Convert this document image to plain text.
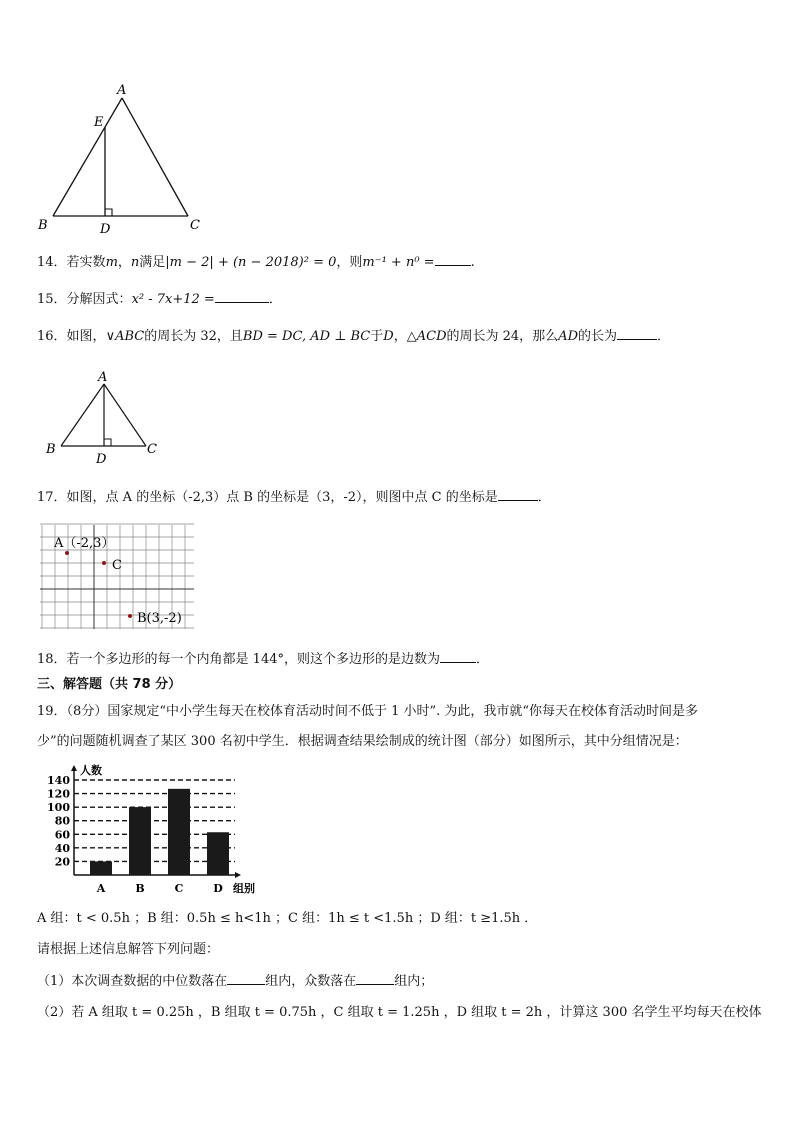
A
E
B	D	C
14．若实数m，n满足|m − 2| + (n − 2018)² = 0，则m⁻¹ + n⁰ =	.
15．分解因式：x² - 7x+12 =	．
16．如图，∨ABC的周长为 32，且BD = DC, AD ⊥ BC于D，△ACD的周长为 24，那么AD的长为	．
A
B
D
C
17．如图，点 A 的坐标（-2,3）点 B 的坐标是（3，-2），则图中点 C 的坐标是	．
A（-2,3）
C
B(3,-2)
18．若一个多边形的每一个内角都是 144°，则这个多边形的是边数为	．
三、解答题（共 78 分）
19．（8分）国家规定“中小学生每天在校体育活动时间不低于 1 小时”. 为此，我市就“你每天在校体育活动时间是多
少”的问题随机调查了某区 300 名初中学生．根据调查结果绘制成的统计图（部分）如图所示，其中分组情况是：
20
40
60
80
100
120
140
人数
A	B	C	D 组别
A 组：t < 0.5h ；B 组：0.5h ≤ h<1h ；C 组：1h ≤ t <1.5h ；D 组：t ≥1.5h ．
请根据上述信息解答下列问题：
（1）本次调查数据的中位数落在	组内，众数落在	组内；
（2）若 A 组取 t = 0.25h ，B 组取 t = 0.75h ，C 组取 t = 1.25h ，D 组取 t = 2h ，计算这 300 名学生平均每天在校体
